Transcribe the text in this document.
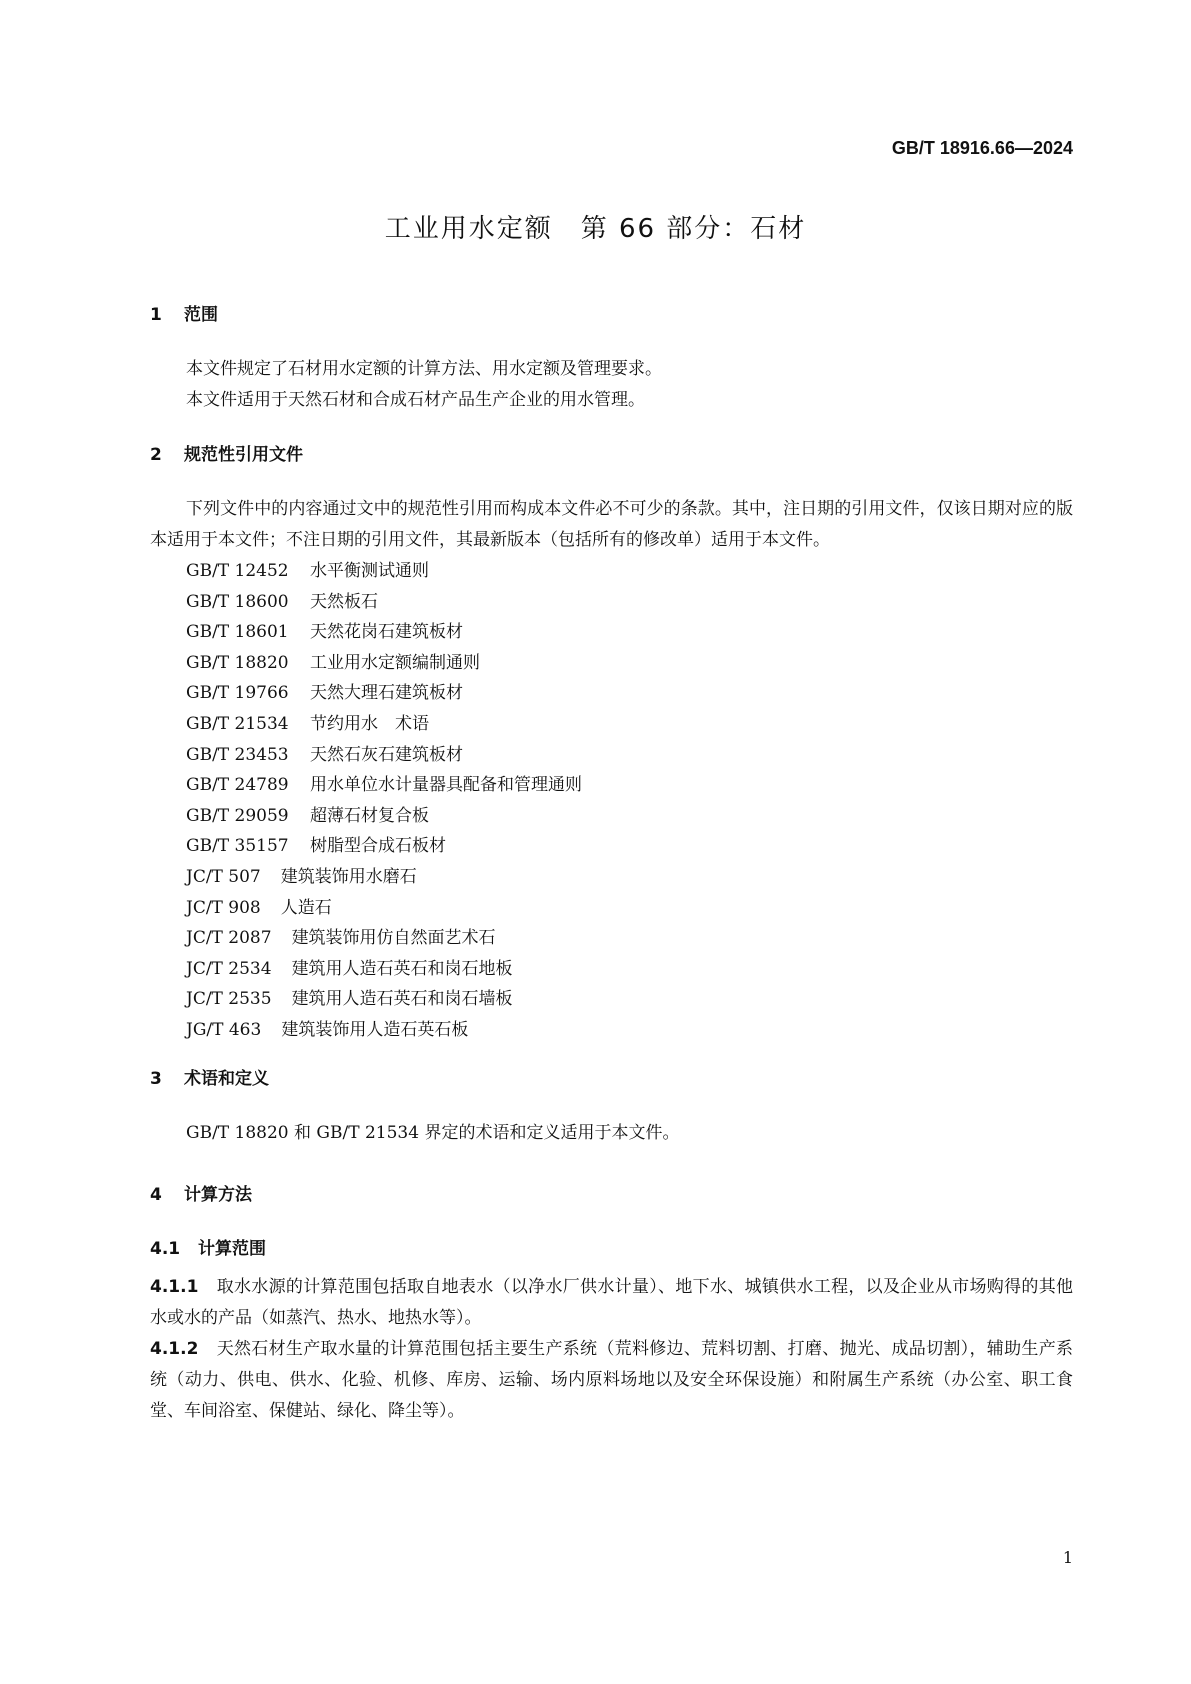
GB/T 18916.66—2024
工业用水定额　第 66 部分：石材
1 范围
本文件规定了石材用水定额的计算方法、用水定额及管理要求。
本文件适用于天然石材和合成石材产品生产企业的用水管理。
2 规范性引用文件
下列文件中的内容通过文中的规范性引用而构成本文件必不可少的条款。其中，注日期的引用文件，仅该日期对应的版本适用于本文件；不注日期的引用文件，其最新版本（包括所有的修改单）适用于本文件。
GB/T 12452 水平衡测试通则
GB/T 18600 天然板石
GB/T 18601 天然花岗石建筑板材
GB/T 18820 工业用水定额编制通则
GB/T 19766 天然大理石建筑板材
GB/T 21534 节约用水　术语
GB/T 23453 天然石灰石建筑板材
GB/T 24789 用水单位水计量器具配备和管理通则
GB/T 29059 超薄石材复合板
GB/T 35157 树脂型合成石板材
JC/T 507 建筑装饰用水磨石
JC/T 908 人造石
JC/T 2087 建筑装饰用仿自然面艺术石
JC/T 2534 建筑用人造石英石和岗石地板
JC/T 2535 建筑用人造石英石和岗石墙板
JG/T 463 建筑装饰用人造石英石板
3 术语和定义
GB/T 18820 和 GB/T 21534 界定的术语和定义适用于本文件。
4 计算方法
4.1 计算范围
4.1.1 取水水源的计算范围包括取自地表水（以净水厂供水计量）、地下水、城镇供水工程，以及企业从市场购得的其他水或水的产品（如蒸汽、热水、地热水等）。
4.1.2 天然石材生产取水量的计算范围包括主要生产系统（荒料修边、荒料切割、打磨、抛光、成品切割），辅助生产系统（动力、供电、供水、化验、机修、库房、运输、场内原料场地以及安全环保设施）和附属生产系统（办公室、职工食堂、车间浴室、保健站、绿化、降尘等）。
1
